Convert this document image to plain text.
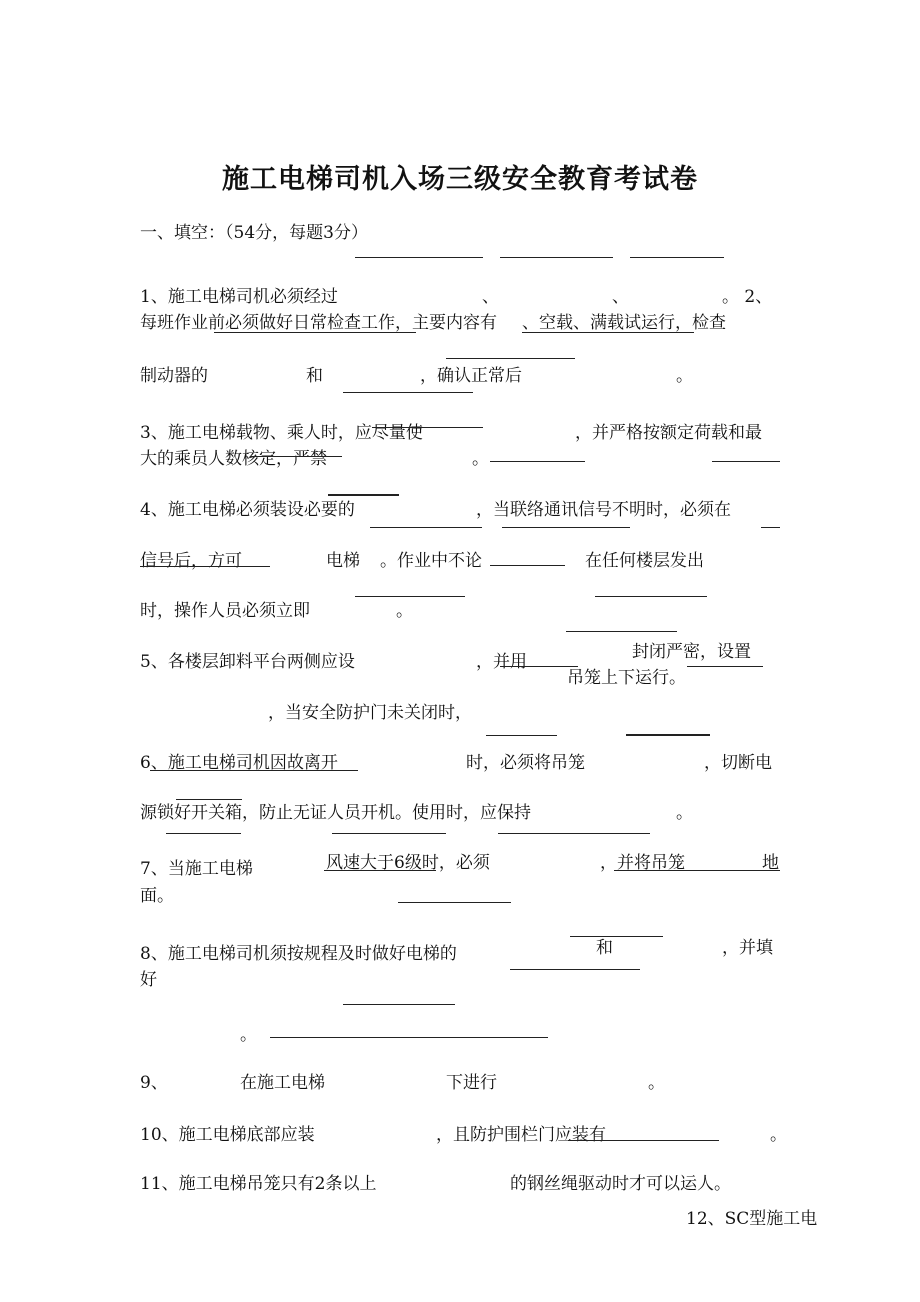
施工电梯司机入场三级安全教育考试卷
一、填空：（54分，每题3分）
1、施工电梯司机必须经过	、	、	。 2、
每班作业前必须做好日常检查工作，主要内容有 、空载、满载试运行，检查
制动器的	和	，确认正常后	。
3、施工电梯载物、乘人时，应尽量使	，并严格按额定荷载和最
大的乘员人数核定，严禁	。
4、施工电梯必须装设必要的	，当联络通讯信号不明时，必须在
信号后，方可	电梯 。作业中不论	在任何楼层发出
时，操作人员必须立即	。
封闭严密，设置
5、各楼层卸料平台两侧应设	，并用
吊笼上下运行。
，当安全防护门未关闭时，
6、施工电梯司机因故离开	时，必须将吊笼	，切断电
源锁好开关箱，防止无证人员开机。使用时，应保持	。
风速大于6级时，必须	，并将吊笼	地
7、当施工电梯
面。
和	，并填
8、施工电梯司机须按规程及时做好电梯的
好
。
9、	在施工电梯	下进行	。
10、施工电梯底部应装	，且防护围栏门应装有	。
11、施工电梯吊笼只有2条以上	的钢丝绳驱动时才可以运人。
12、SC型施工电
